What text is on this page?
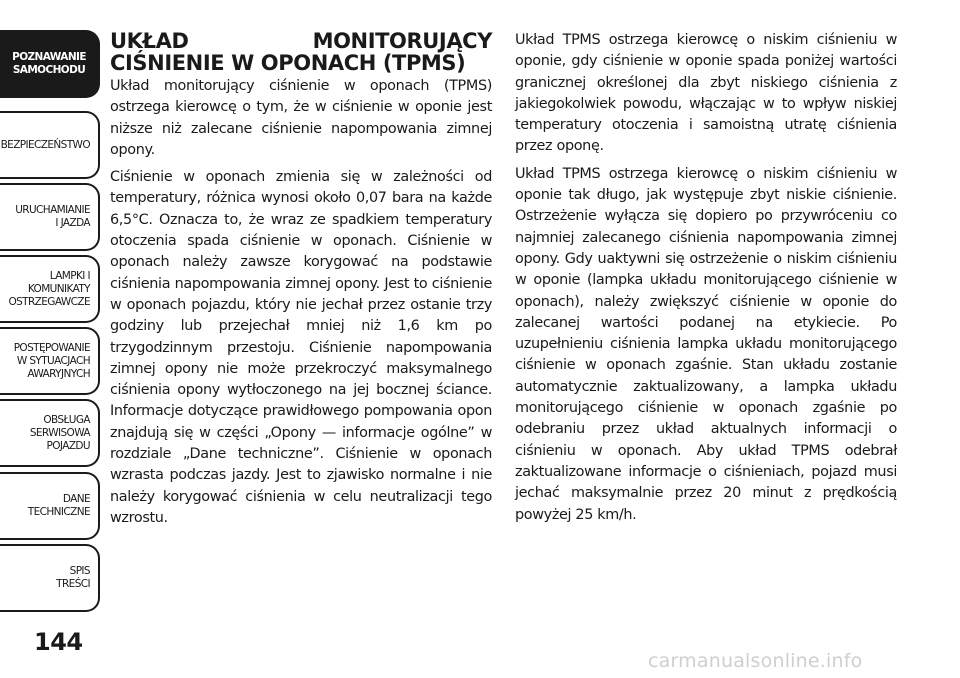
POZNAWANIE
SAMOCHODU
BEZPIECZEŃSTWO
URUCHAMIANIE
I JAZDA
LAMPKI I
KOMUNIKATY
OSTRZEGAWCZE
POSTĘPOWANIE
W SYTUACJACH
AWARYJNYCH
OBSŁUGA
SERWISOWA
POJAZDU
DANE
TECHNICZNE
SPIS
TREŚCI
144
UKŁAD MONITORUJĄCY CIŚNIENIE W OPONACH (TPMS)

Układ monitorujący ciśnienie w oponach (TPMS) ostrzega kierowcę o tym, że w ciśnienie w oponie jest niższe niż zalecane ciśnienie napompowania zimnej opony.

Ciśnienie w oponach zmienia się w zależności od temperatury, różnica wynosi około 0,07 bara na każde 6,5°C. Oznacza to, że wraz ze spadkiem temperatury otoczenia spada ciśnienie w oponach. Ciśnienie w oponach należy zawsze korygować na podstawie ciśnienia napompowania zimnej opony. Jest to ciśnienie w oponach pojazdu, który nie jechał przez ostanie trzy godziny lub przejechał mniej niż 1,6 km po trzygodzinnym przestoju. Ciśnienie napompowania zimnej opony nie może przekroczyć maksymalnego ciśnienia opony wytłoczonego na jej bocznej ściance. Informacje dotyczące prawidłowego pompowania opon znajdują się w części „Opony — informacje ogólne” w rozdziale „Dane techniczne”. Ciśnienie w oponach wzrasta podczas jazdy. Jest to zjawisko normalne i nie należy korygować ciśnienia w celu neutralizacji tego wzrostu.

Układ TPMS ostrzega kierowcę o niskim ciśnieniu w oponie, gdy ciśnienie w oponie spada poniżej wartości granicznej określonej dla zbyt niskiego ciśnienia z jakiegokolwiek powodu, włączając w to wpływ niskiej temperatury otoczenia i samoistną utratę ciśnienia przez oponę.

Układ TPMS ostrzega kierowcę o niskim ciśnieniu w oponie tak długo, jak występuje zbyt niskie ciśnienie. Ostrzeżenie wyłącza się dopiero po przywróceniu co najmniej zalecanego ciśnienia napompowania zimnej opony. Gdy uaktywni się ostrzeżenie o niskim ciśnieniu w oponie (lampka układu monitorującego ciśnienie w oponach), należy zwiększyć ciśnienie w oponie do zalecanej wartości podanej na etykiecie. Po uzupełnieniu ciśnienia lampka układu monitorującego ciśnienie w oponach zgaśnie. Stan układu zostanie automatycznie zaktualizowany, a lampka układu monitorującego ciśnienie w oponach zgaśnie po odebraniu przez układ aktualnych informacji o ciśnieniu w oponach. Aby układ TPMS odebrał zaktualizowane informacje o ciśnieniach, pojazd musi jechać maksymalnie przez 20 minut z prędkością powyżej 25 km/h.

carmanualsonline.info
